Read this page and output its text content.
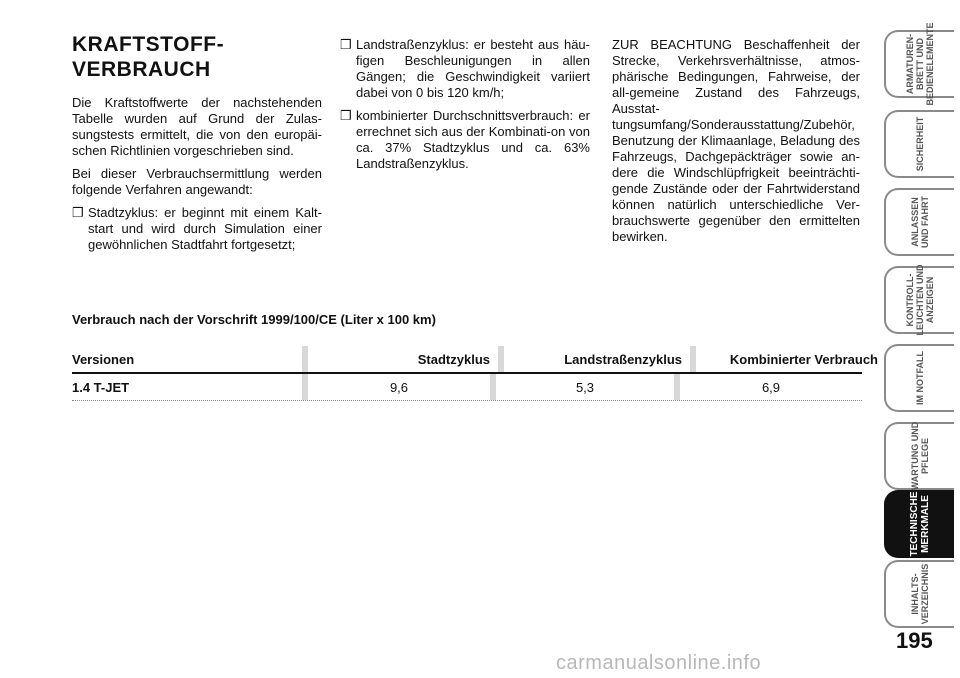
KRAFTSTOFF-
VERBRAUCH

Die Kraftstoffwerte der nachstehenden Tabelle wurden auf Grund der Zulas-sungstests ermittelt, die von den europäi-schen Richtlinien vorgeschrieben sind.

Bei dieser Verbrauchsermittlung werden folgende Verfahren angewandt:

❒ Stadtzyklus: er beginnt mit einem Kalt-start und wird durch Simulation einer gewöhnlichen Stadtfahrt fortgesetzt;

❒ Landstraßenzyklus: er besteht aus häu-figen Beschleunigungen in allen Gängen; die Geschwindigkeit variiert dabei von 0 bis 120 km/h;

❒ kombinierter Durchschnittsverbrauch: er errechnet sich aus der Kombinati-on von ca. 37% Stadtzyklus und ca. 63% Landstraßenzyklus.

ZUR BEACHTUNG Beschaffenheit der Strecke, Verkehrsverhältnisse, atmos-phärische Bedingungen, Fahrweise, der all-gemeine Zustand des Fahrzeugs, Ausstat-tungsumfang/Sonderausstattung/Zubehör, Benutzung der Klimaanlage, Beladung des Fahrzeugs, Dachgepäckträger sowie an-dere die Windschlüpfrigkeit beeinträchti-gende Zustände oder der Fahrtwiderstand können natürlich unterschiedliche Ver-brauchswerte gegenüber den ermittelten bewirken.

Verbrauch nach der Vorschrift 1999/100/CE (Liter x 100 km)
Versionen	Stadtzyklus	Landstraßenzyklus	Kombinierter Verbrauch
1.4 T-JET	9,6	5,3	6,9
ARMATUREN-
BRETT UND
BEDIENELEMENTE
SICHERHEIT
ANLASSEN
UND FAHRT
KONTROLL-
LEUCHTEN UND
ANZEIGEN
IM NOTFALL
WARTUNG UND
PFLEGE
TECHNISCHE
MERKMALE
INHALTS-
VERZEICHNIS
195
carmanualsonline.info
